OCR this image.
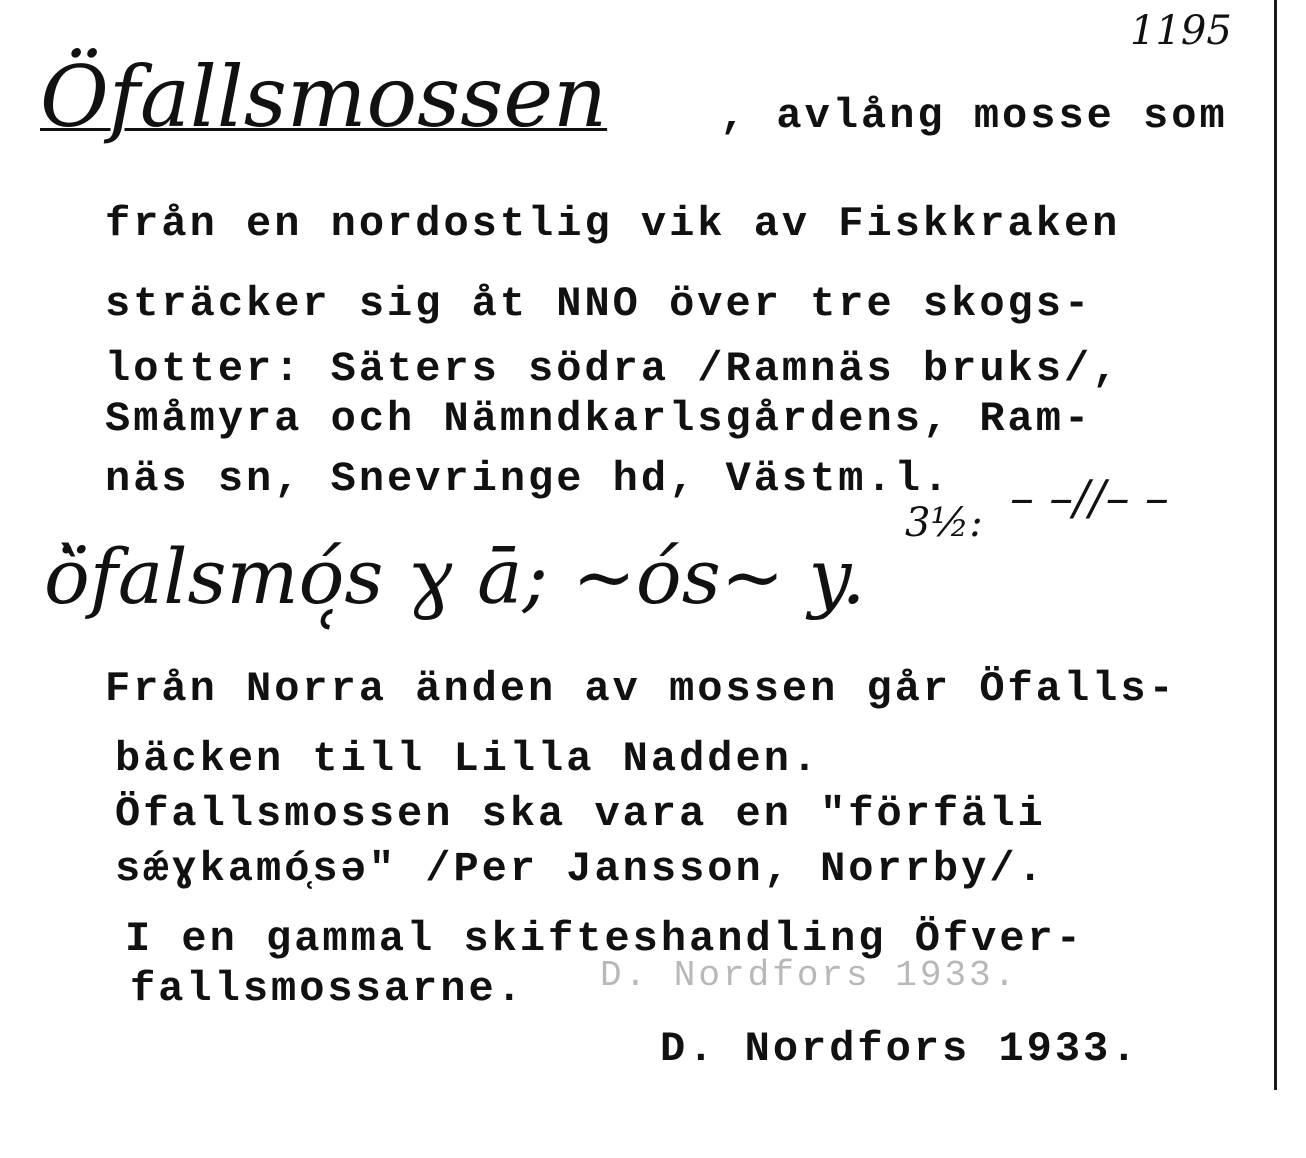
1195
Öfallsmossen	, avlång mosse som
från en nordostlig vik av Fiskkraken
sträcker sig åt NNO över tre skogs-
lotter: Säters södra /Ramnäs bruks/,
Småmyra och Nämndkarlsgårdens, Ram-
näs sn, Snevringe hd, Västm.l.
3½: – –//– –
ö̀falsmó̜s ɣ ā; ~ós~ y.
Från Norra änden av mossen går Öfalls-
bäcken till Lilla Nadden.
Öfallsmossen ska vara en "förfäli
sǽɣkamó̜sə" /Per Jansson, Norrby/.
I en gammal skifteshandling Öfver-
fallsmossarne. D. Nordfors 1933.
D. Nordfors 1933.
